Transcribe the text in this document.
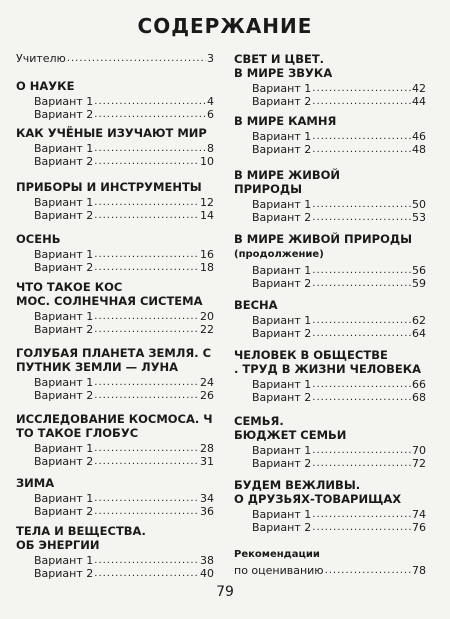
СОДЕРЖАНИЕ
Учителю .....	3
О НАУКЕ
Вариант 1 .....	4
Вариант 2 .....	6
КАК УЧЁНЫЕ ИЗУЧАЮТ МИР
Вариант 1 .....	8
Вариант 2 .....	10
ПРИБОРЫ И ИНСТРУМЕНТЫ
Вариант 1 .....	12
Вариант 2 .....	14
ОСЕНЬ
Вариант 1 .....	16
Вариант 2 .....	18
ЧТО ТАКОЕ КОС
МОС. СОЛНЕЧНАЯ СИСТЕМА
Вариант 1 .....	20
Вариант 2 .....	22
ГОЛУБАЯ ПЛАНЕТА ЗЕМЛЯ. С
ПУТНИК ЗЕМЛИ — ЛУНА
Вариант 1 .....	24
Вариант 2 .....	26
ИССЛЕДОВАНИЕ КОСМОСА. Ч
ТО ТАКОЕ ГЛОБУС
Вариант 1 .....	28
Вариант 2 .....	31
ЗИМА
Вариант 1 .....	34
Вариант 2 .....	36
ТЕЛА И ВЕЩЕСТВА.
ОБ ЭНЕРГИИ
Вариант 1 .....	38
Вариант 2 .....	40
СВЕТ И ЦВЕТ.
В МИРЕ ЗВУКА
Вариант 1 .....	42
Вариант 2 .....	44
В МИРЕ КАМНЯ
Вариант 1 .....	46
Вариант 2 .....	48
В МИРЕ ЖИВОЙ
ПРИРОДЫ
Вариант 1 .....	50
Вариант 2 .....	53
В МИРЕ ЖИВОЙ ПРИРОДЫ
(продолжение)
Вариант 1 .....	56
Вариант 2 .....	59
ВЕСНА
Вариант 1 .....	62
Вариант 2 .....	64
ЧЕЛОВЕК В ОБЩЕСТВЕ
. ТРУД В ЖИЗНИ ЧЕЛОВЕКА
Вариант 1 .....	66
Вариант 2 .....	68
СЕМЬЯ.
БЮДЖЕТ СЕМЬИ
Вариант 1 .....	70
Вариант 2 .....	72
БУДЕМ ВЕЖЛИВЫ.
О ДРУЗЬЯХ-ТОВАРИЩАХ
Вариант 1 .....	74
Вариант 2 .....	76
Рекомендации
по оцениванию .....	78
79
